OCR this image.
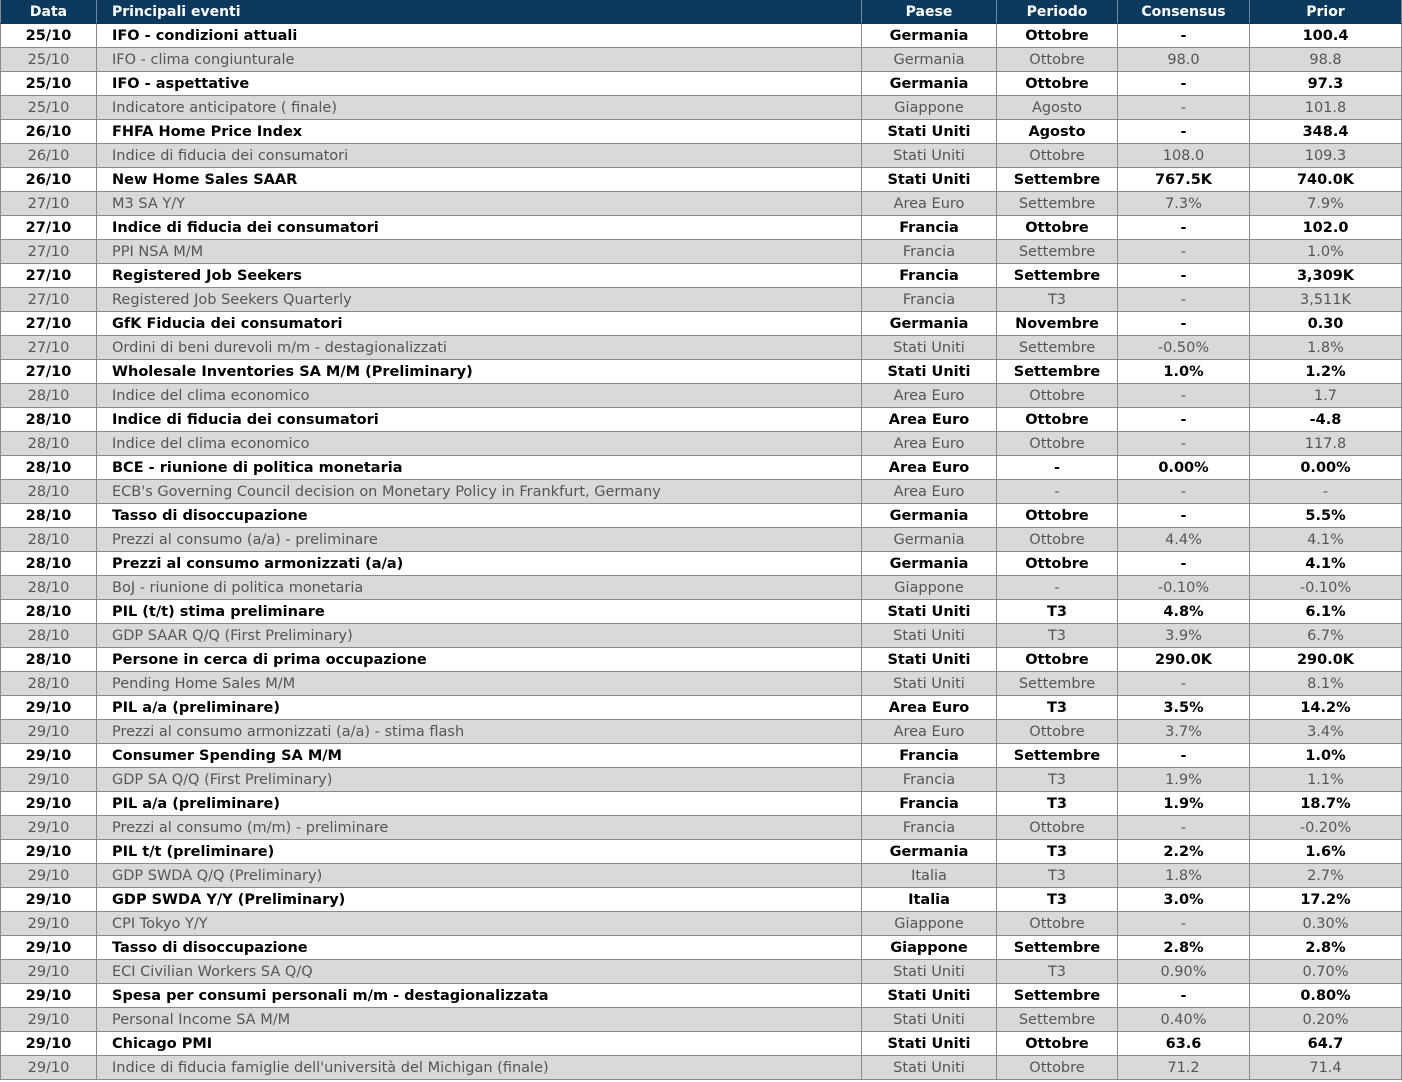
Data	Principali eventi	Paese	Periodo	Consensus	Prior
25/10	IFO - condizioni attuali	Germania	Ottobre	-	100.4
25/10	IFO - clima congiunturale	Germania	Ottobre	98.0	98.8
25/10	IFO - aspettative	Germania	Ottobre	-	97.3
25/10	Indicatore anticipatore ( finale)	Giappone	Agosto	-	101.8
26/10	FHFA Home Price Index	Stati Uniti	Agosto	-	348.4
26/10	Indice di fiducia dei consumatori	Stati Uniti	Ottobre	108.0	109.3
26/10	New Home Sales SAAR	Stati Uniti	Settembre	767.5K	740.0K
27/10	M3 SA Y/Y	Area Euro	Settembre	7.3%	7.9%
27/10	Indice di fiducia dei consumatori	Francia	Ottobre	-	102.0
27/10	PPI NSA M/M	Francia	Settembre	-	1.0%
27/10	Registered Job Seekers	Francia	Settembre	-	3,309K
27/10	Registered Job Seekers Quarterly	Francia	T3	-	3,511K
27/10	GfK Fiducia dei consumatori	Germania	Novembre	-	0.30
27/10	Ordini di beni durevoli m/m - destagionalizzati	Stati Uniti	Settembre	-0.50%	1.8%
27/10	Wholesale Inventories SA M/M (Preliminary)	Stati Uniti	Settembre	1.0%	1.2%
28/10	Indice del clima economico	Area Euro	Ottobre	-	1.7
28/10	Indice di fiducia dei consumatori	Area Euro	Ottobre	-	-4.8
28/10	Indice del clima economico	Area Euro	Ottobre	-	117.8
28/10	BCE - riunione di politica monetaria	Area Euro	-	0.00%	0.00%
28/10	ECB's Governing Council decision on Monetary Policy in Frankfurt, Germany	Area Euro	-	-	-
28/10	Tasso di disoccupazione	Germania	Ottobre	-	5.5%
28/10	Prezzi al consumo (a/a) - preliminare	Germania	Ottobre	4.4%	4.1%
28/10	Prezzi al consumo armonizzati (a/a)	Germania	Ottobre	-	4.1%
28/10	BoJ - riunione di politica monetaria	Giappone	-	-0.10%	-0.10%
28/10	PIL (t/t) stima preliminare	Stati Uniti	T3	4.8%	6.1%
28/10	GDP SAAR Q/Q (First Preliminary)	Stati Uniti	T3	3.9%	6.7%
28/10	Persone in cerca di prima occupazione	Stati Uniti	Ottobre	290.0K	290.0K
28/10	Pending Home Sales M/M	Stati Uniti	Settembre	-	8.1%
29/10	PIL a/a (preliminare)	Area Euro	T3	3.5%	14.2%
29/10	Prezzi al consumo armonizzati (a/a) - stima flash	Area Euro	Ottobre	3.7%	3.4%
29/10	Consumer Spending SA M/M	Francia	Settembre	-	1.0%
29/10	GDP SA Q/Q (First Preliminary)	Francia	T3	1.9%	1.1%
29/10	PIL a/a (preliminare)	Francia	T3	1.9%	18.7%
29/10	Prezzi al consumo (m/m) - preliminare	Francia	Ottobre	-	-0.20%
29/10	PIL t/t (preliminare)	Germania	T3	2.2%	1.6%
29/10	GDP SWDA Q/Q (Preliminary)	Italia	T3	1.8%	2.7%
29/10	GDP SWDA Y/Y (Preliminary)	Italia	T3	3.0%	17.2%
29/10	CPI Tokyo Y/Y	Giappone	Ottobre	-	0.30%
29/10	Tasso di disoccupazione	Giappone	Settembre	2.8%	2.8%
29/10	ECI Civilian Workers SA Q/Q	Stati Uniti	T3	0.90%	0.70%
29/10	Spesa per consumi personali m/m - destagionalizzata	Stati Uniti	Settembre	-	0.80%
29/10	Personal Income SA M/M	Stati Uniti	Settembre	0.40%	0.20%
29/10	Chicago PMI	Stati Uniti	Ottobre	63.6	64.7
29/10	Indice di fiducia famiglie dell'università del Michigan (finale)	Stati Uniti	Ottobre	71.2	71.4
